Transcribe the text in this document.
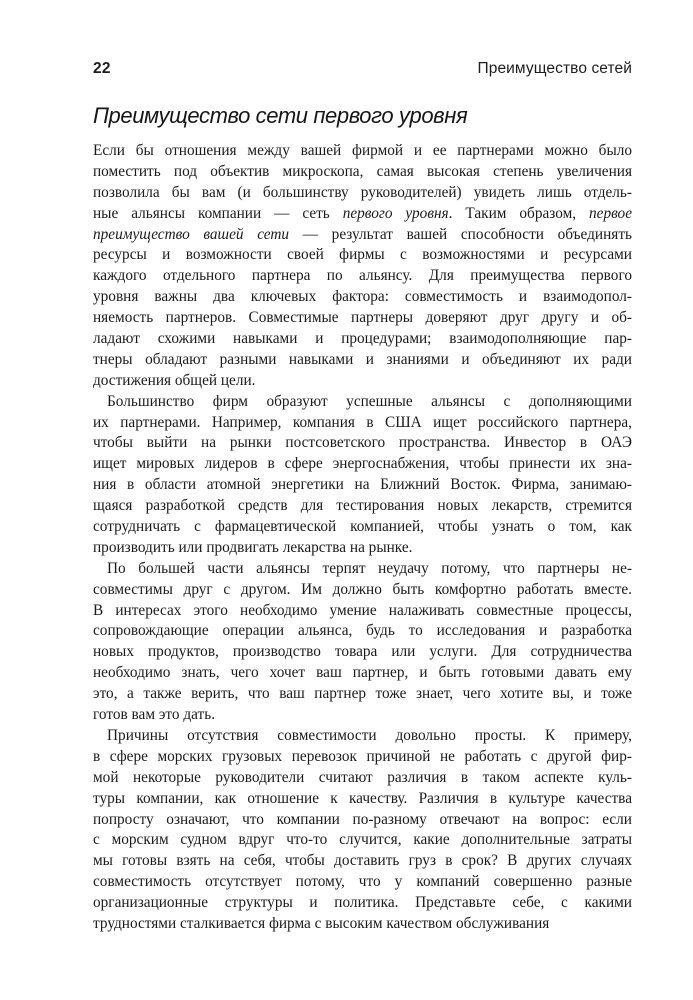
22	Преимущество сетей
Преимущество сети первого уровня

Если бы отношения между вашей фирмой и ее партнерами можно было
поместить под объектив микроскопа, самая высокая степень увеличения
позволила бы вам (и большинству руководителей) увидеть лишь отдель-
ные альянсы компании — сеть первого уровня. Таким образом, первое
преимущество вашей сети — результат вашей способности объединять
ресурсы и возможности своей фирмы с возможностями и ресурсами
каждого отдельного партнера по альянсу. Для преимущества первого
уровня важны два ключевых фактора: совместимость и взаимодопол-
няемость партнеров. Совместимые партнеры доверяют друг другу и об-
ладают схожими навыками и процедурами; взаимодополняющие пар-
тнеры обладают разными навыками и знаниями и объединяют их ради
достижения общей цели.

Большинство фирм образуют успешные альянсы с дополняющими
их партнерами. Например, компания в США ищет российского партнера,
чтобы выйти на рынки постсоветского пространства. Инвестор в ОАЭ
ищет мировых лидеров в сфере энергоснабжения, чтобы принести их зна-
ния в области атомной энергетики на Ближний Восток. Фирма, занимаю-
щаяся разработкой средств для тестирования новых лекарств, стремится
сотрудничать с фармацевтической компанией, чтобы узнать о том, как
производить или продвигать лекарства на рынке.

По большей части альянсы терпят неудачу потому, что партнеры не-
совместимы друг с другом. Им должно быть комфортно работать вместе.
В интересах этого необходимо умение налаживать совместные процессы,
сопровождающие операции альянса, будь то исследования и разработка
новых продуктов, производство товара или услуги. Для сотрудничества
необходимо знать, чего хочет ваш партнер, и быть готовыми давать ему
это, а также верить, что ваш партнер тоже знает, чего хотите вы, и тоже
готов вам это дать.

Причины отсутствия совместимости довольно просты. К примеру,
в сфере морских грузовых перевозок причиной не работать с другой фир-
мой некоторые руководители считают различия в таком аспекте куль-
туры компании, как отношение к качеству. Различия в культуре качества
попросту означают, что компании по-разному отвечают на вопрос: если
с морским судном вдруг что-то случится, какие дополнительные затраты
мы готовы взять на себя, чтобы доставить груз в срок? В других случаях
совместимость отсутствует потому, что у компаний совершенно разные
организационные структуры и политика. Представьте себе, с какими
трудностями сталкивается фирма с высоким качеством обслуживания
